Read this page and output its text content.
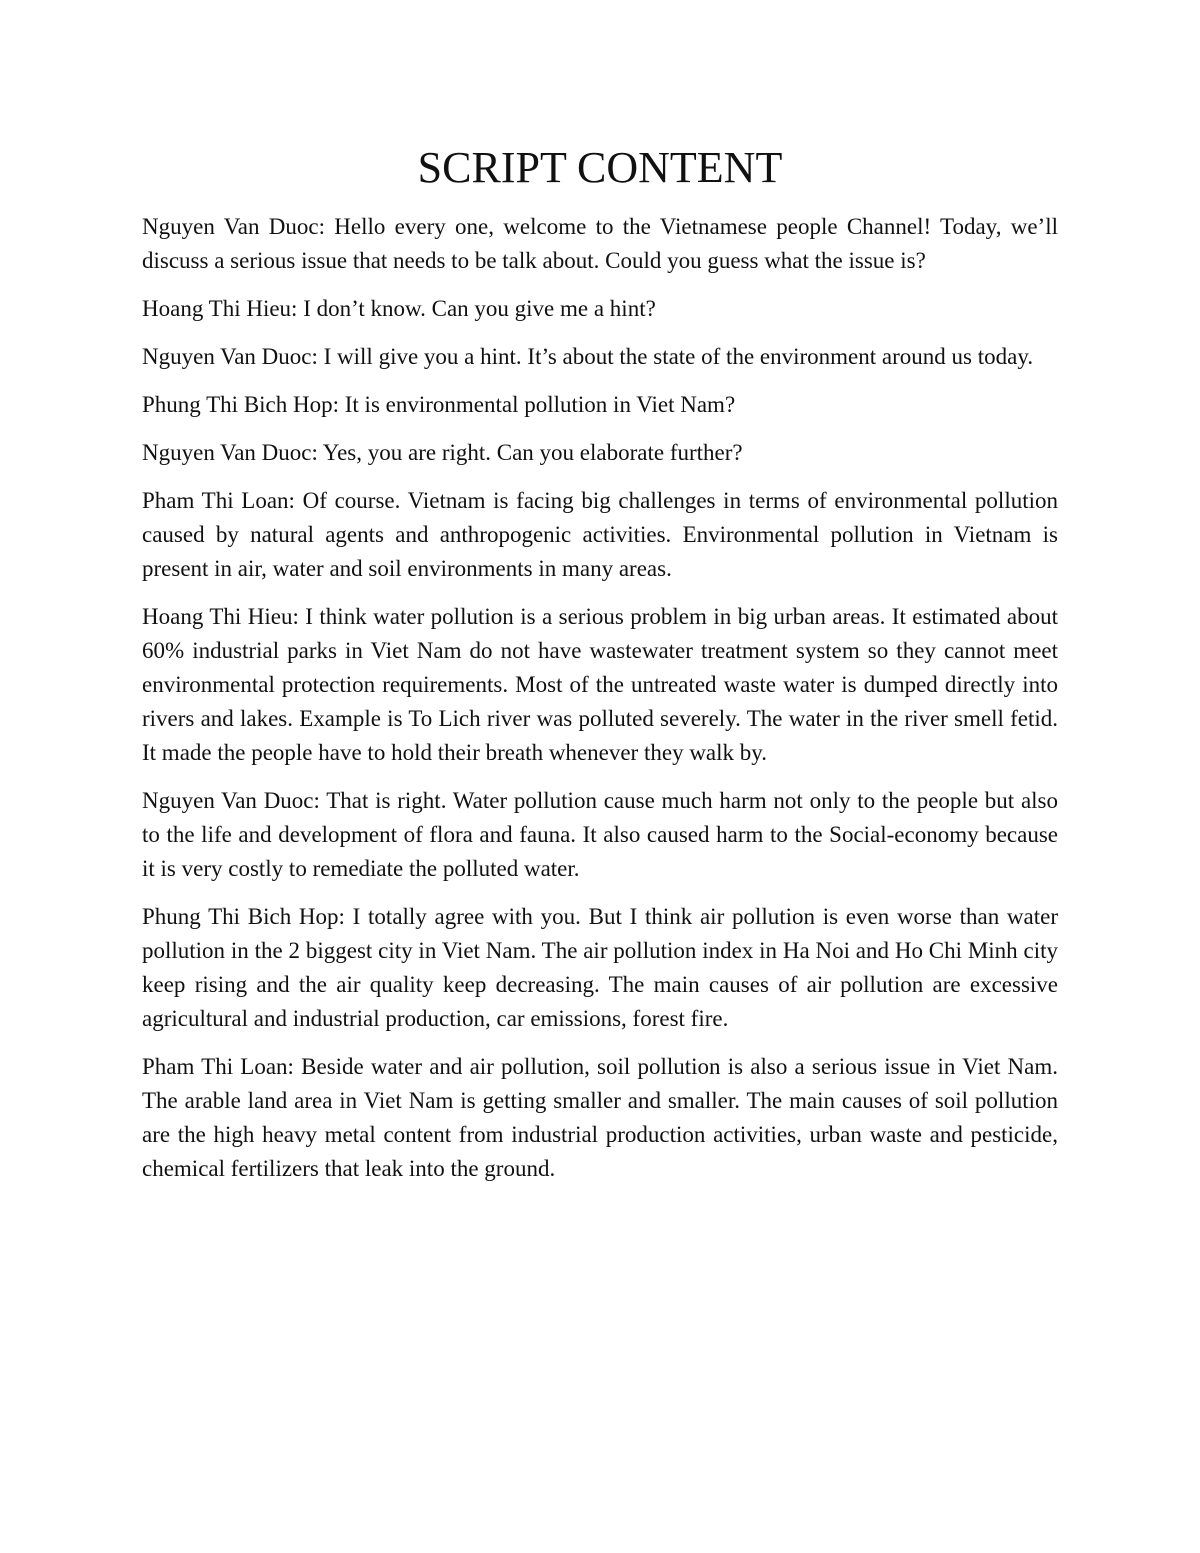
SCRIPT CONTENT

Nguyen Van Duoc: Hello every one, welcome to the Vietnamese people Channel! Today, we’ll discuss a serious issue that needs to be talk about. Could you guess what the issue is?

Hoang Thi Hieu: I don’t know. Can you give me a hint?

Nguyen Van Duoc: I will give you a hint. It’s about the state of the environment around us today.

Phung Thi Bich Hop: It is environmental pollution in Viet Nam?

Nguyen Van Duoc: Yes, you are right. Can you elaborate further?

Pham Thi Loan: Of course. Vietnam is facing big challenges in terms of environmental pollution caused by natural agents and anthropogenic activities. Environmental pollution in Vietnam is present in air, water and soil environments in many areas.

Hoang Thi Hieu: I think water pollution is a serious problem in big urban areas. It estimated about 60% industrial parks in Viet Nam do not have wastewater treatment system so they cannot meet environmental protection requirements. Most of the untreated waste water is dumped directly into rivers and lakes. Example is To Lich river was polluted severely. The water in the river smell fetid. It made the people have to hold their breath whenever they walk by.

Nguyen Van Duoc: That is right. Water pollution cause much harm not only to the people but also to the life and development of flora and fauna. It also caused harm to the Social-economy because it is very costly to remediate the polluted water.

Phung Thi Bich Hop: I totally agree with you. But I think air pollution is even worse than water pollution in the 2 biggest city in Viet Nam. The air pollution index in Ha Noi and Ho Chi Minh city keep rising and the air quality keep decreasing. The main causes of air pollution are excessive agricultural and industrial production, car emissions, forest fire.

Pham Thi Loan: Beside water and air pollution, soil pollution is also a serious issue in Viet Nam. The arable land area in Viet Nam is getting smaller and smaller. The main causes of soil pollution are the high heavy metal content from industrial production activities, urban waste and pesticide, chemical fertilizers that leak into the ground.
